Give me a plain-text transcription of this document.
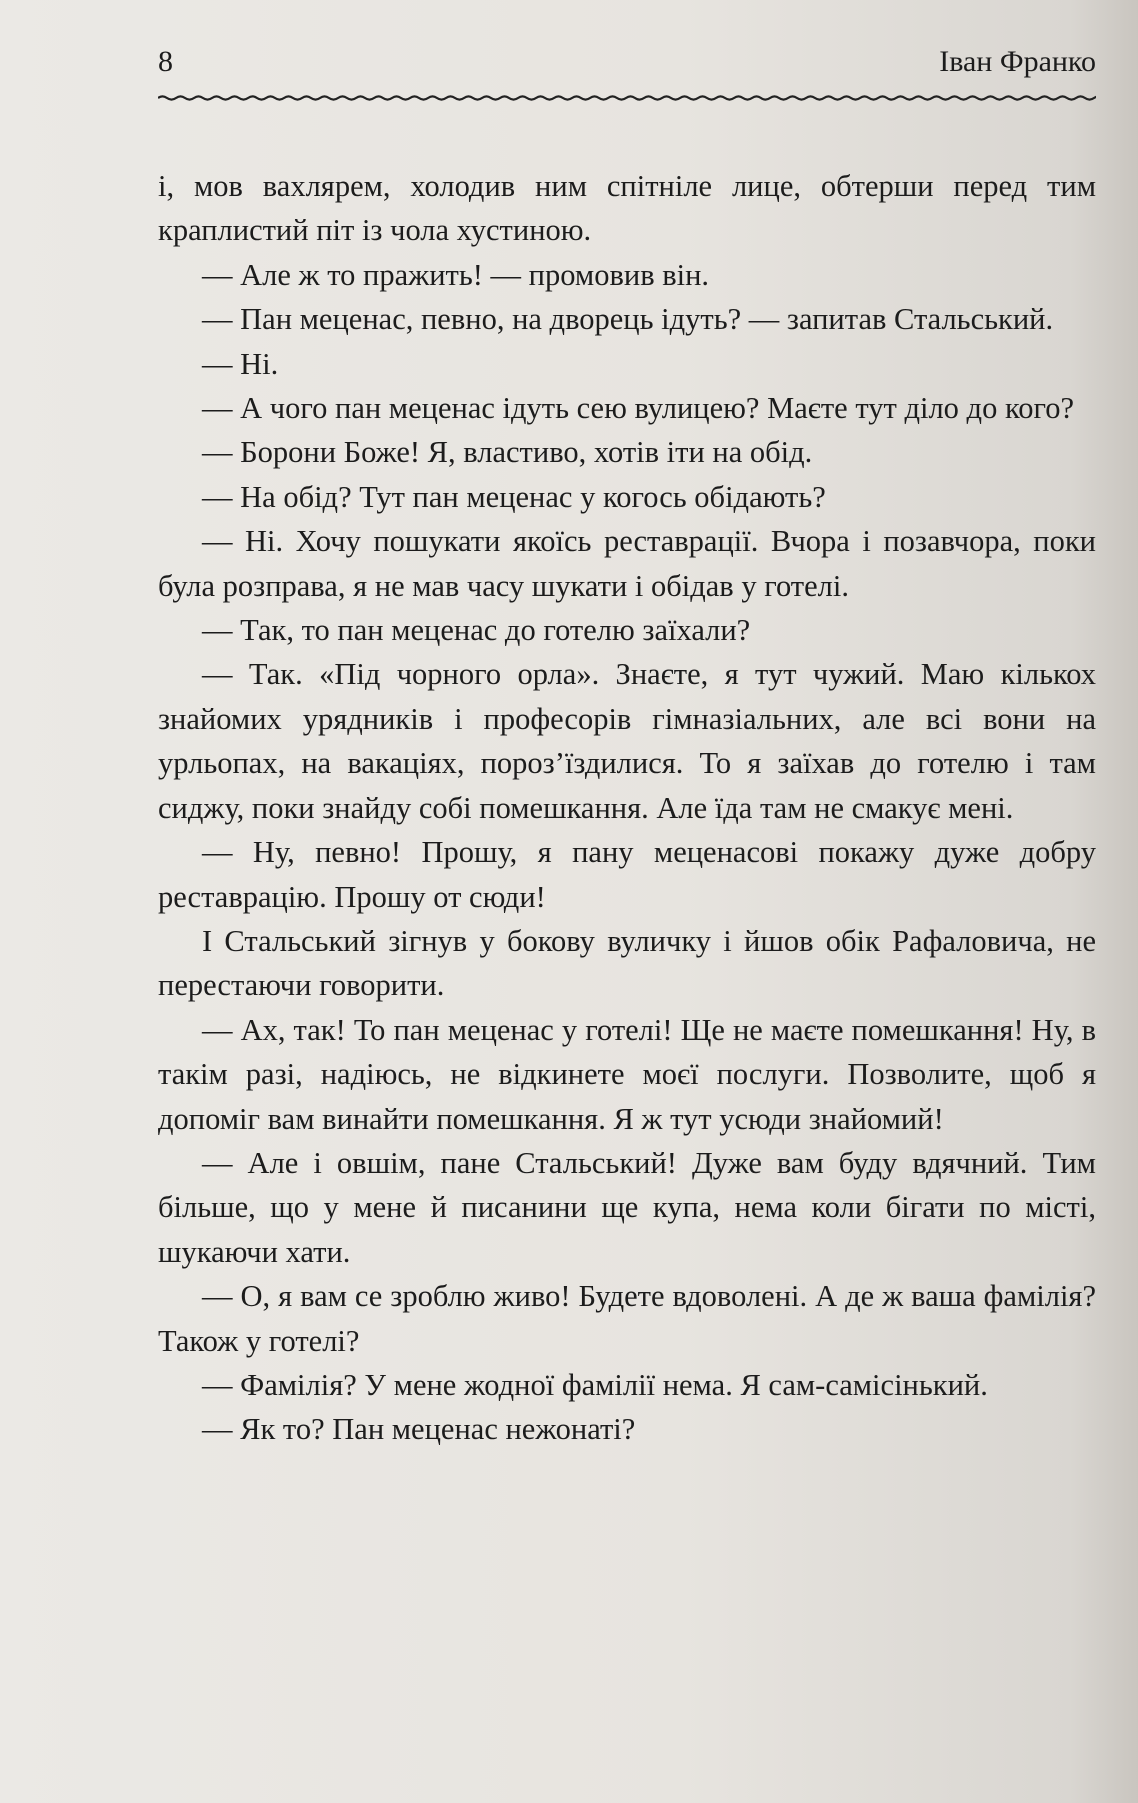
8	Іван Франко

і, мов вахлярем, холодив ним спітніле лице, обтерши перед тим краплистий піт із чола хустиною.

— Але ж то пражить! — промовив він.

— Пан меценас, певно, на дворець ідуть? — запитав Стальський.

— Ні.

— А чого пан меценас ідуть сею вулицею? Маєте тут діло до кого?

— Борони Боже! Я, властиво, хотів іти на обід.

— На обід? Тут пан меценас у когось обідають?

— Ні. Хочу пошукати якоїсь реставрації. Вчора і позавчора, поки була розправа, я не мав часу шукати і обідав у готелі.

— Так, то пан меценас до готелю заїхали?

— Так. «Під чорного орла». Знаєте, я тут чужий. Маю кількох знайомих урядників і професорів гімназіальних, але всі вони на урльопах, на вакаціях, пороз’їздилися. То я заїхав до готелю і там сиджу, поки знайду собі помешкання. Але їда там не смакує мені.

— Ну, певно! Прошу, я пану меценасові покажу дуже добру реставрацію. Прошу от сюди!

І Стальський зігнув у бокову вуличку і йшов обік Рафаловича, не перестаючи говорити.

— Ах, так! То пан меценас у готелі! Ще не маєте помешкання! Ну, в такім разі, надіюсь, не відкинете моєї послуги. Позволите, щоб я допоміг вам винайти помешкання. Я ж тут усюди знайомий!

— Але і овшім, пане Стальський! Дуже вам буду вдячний. Тим більше, що у мене й писанини ще купа, нема коли бігати по місті, шукаючи хати.

— О, я вам се зроблю живо! Будете вдоволені. А де ж ваша фамілія? Також у готелі?

— Фамілія? У мене жодної фамілії нема. Я сам-самісінький.

— Як то? Пан меценас нежонаті?
